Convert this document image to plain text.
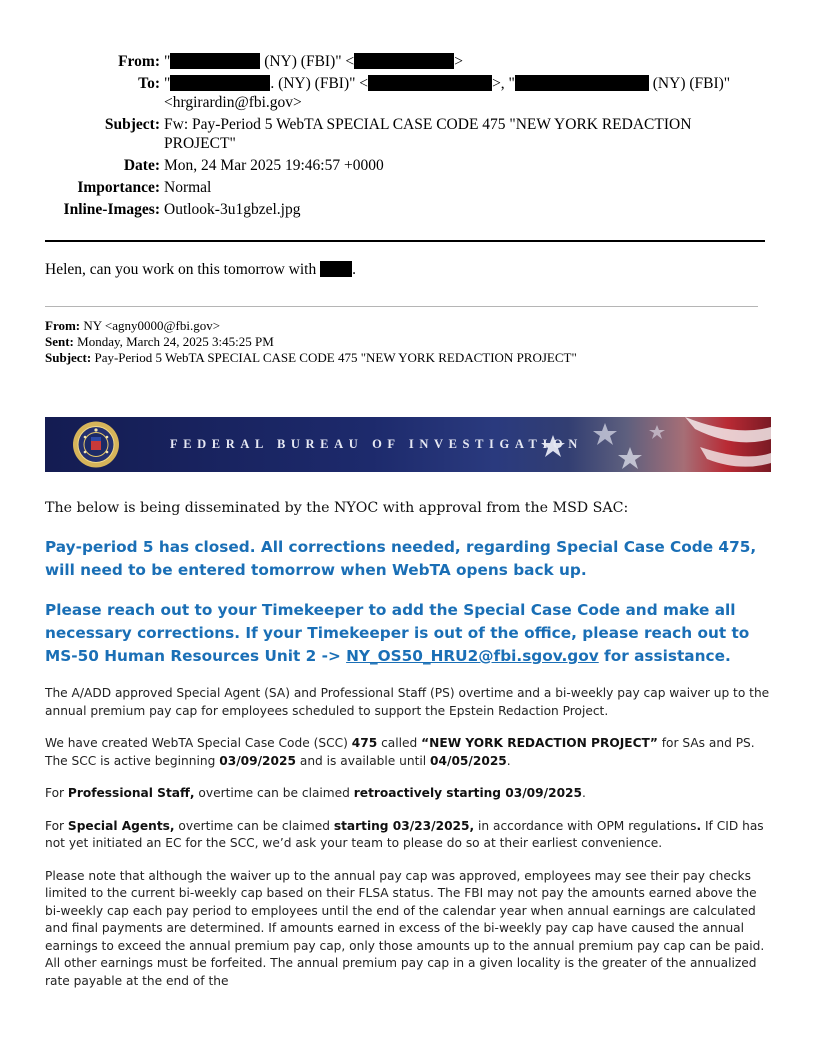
From: "	(NY) (FBI)" <	>
To: "	. (NY) (FBI)" <	>, "	(NY) (FBI)"
<hrgirardin@fbi.gov>
Subject: Fw: Pay-Period 5 WebTA SPECIAL CASE CODE 475 "NEW YORK REDACTION PROJECT"
Date: Mon, 24 Mar 2025 19:46:57 +0000
Importance: Normal
Inline-Images: Outlook-3u1gbzel.jpg
Helen, can you work on this tomorrow with .
From: NY <agny0000@fbi.gov>
Sent: Monday, March 24, 2025 3:45:25 PM
Subject: Pay-Period 5 WebTA SPECIAL CASE CODE 475 "NEW YORK REDACTION PROJECT"
FEDERAL BUREAU OF INVESTIGATION

The below is being disseminated by the NYOC with approval from the MSD SAC:

Pay-period 5 has closed. All corrections needed, regarding Special Case Code 475, will need to be entered tomorrow when WebTA opens back up.

Please reach out to your Timekeeper to add the Special Case Code and make all necessary corrections. If your Timekeeper is out of the office, please reach out to MS-50 Human Resources Unit 2 -> NY_OS50_HRU2@fbi.sgov.gov for assistance.

The A/ADD approved Special Agent (SA) and Professional Staff (PS) overtime and a bi-weekly pay cap waiver up to the annual premium pay cap for employees scheduled to support the Epstein Redaction Project.

We have created WebTA Special Case Code (SCC) 475 called “NEW YORK REDACTION PROJECT” for SAs and PS. The SCC is active beginning 03/09/2025 and is available until 04/05/2025.

For Professional Staff, overtime can be claimed retroactively starting 03/09/2025.

For Special Agents, overtime can be claimed starting 03/23/2025, in accordance with OPM regulations. If CID has not yet initiated an EC for the SCC, we’d ask your team to please do so at their earliest convenience.

Please note that although the waiver up to the annual pay cap was approved, employees may see their pay checks limited to the current bi-weekly cap based on their FLSA status. The FBI may not pay the amounts earned above the bi-weekly cap each pay period to employees until the end of the calendar year when annual earnings are calculated and final payments are determined. If amounts earned in excess of the bi-weekly pay cap have caused the annual earnings to exceed the annual premium pay cap, only those amounts up to the annual premium pay cap can be paid. All other earnings must be forfeited. The annual premium pay cap in a given locality is the greater of the annualized rate payable at the end of the
